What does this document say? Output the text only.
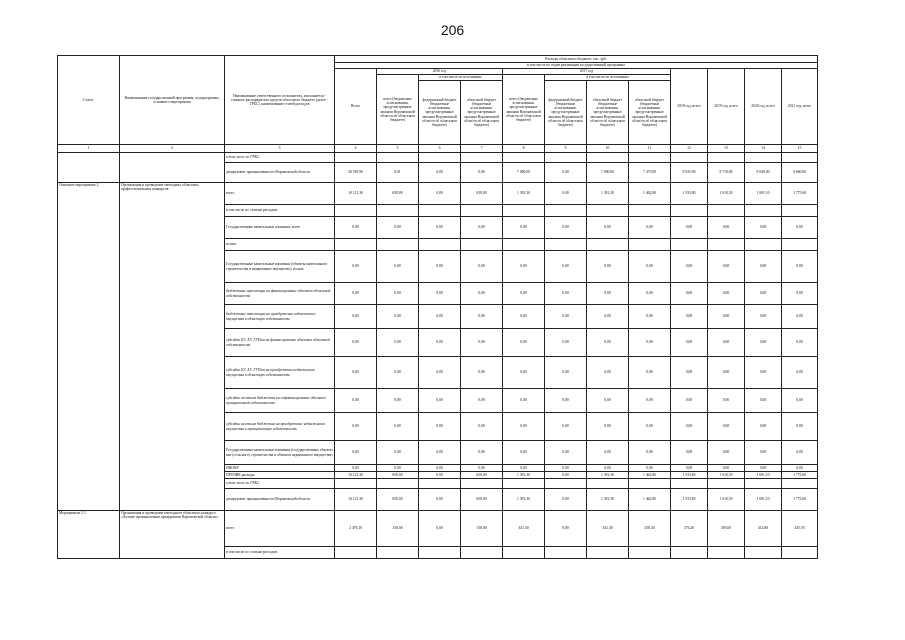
206
Статус	Наименование государственной программы, подпрограммы, основного мероприятия	Наименование ответственного исполнителя, исполнителя - главного распорядителя средств областного бюджета (далее - ГРБС), наименование статей расходов	Расходы областного бюджета, тыс. руб.												
			в том числе по годам реализации государственной программы												
			Всего	2016 год			2017 год				2018 год, всего	2019 год, всего	2020 год, всего	2021 год, всего	
				всего (бюджетные ассигнования, предусмотренные законом Воронежской области об областном бюджете)	в том числе по источникам		всего (бюджетные ассигнования, предусмотренные законом Воронежской области об областном бюджете)	в том числе по источникам							
					федеральный бюджет (бюджетные ассигнования, предусмотренные законом Воронежской области об областном бюджете)	областной бюджет (бюджетные ассигнования, предусмотренные законом Воронежской области об областном бюджете)		федеральный бюджет (бюджетные ассигнования, предусмотренные законом Воронежской области об областном бюджете)	областной бюджет (бюджетные ассигнования, предусмотренные законом Воронежской области об областном бюджете)	областной бюджет (бюджетные ассигнования, предусмотренные законом Воронежской области об областном бюджете)					
1	2	3	4	5	6	7	8	9	10	11	12	13	14	15	
		в том числе по ГРБС:													
		департамент промышленности Воронежской области	30 919,90	0,01	0,00	0,00	7 000,00	0,00	7 000,00	7 475,00	8 035,90	8 710,00	9 040,00	9 660,00	
Основное мероприятие 2	Организация и проведение ежегодных областных профессиональных конкурсов	всего	10 121,30	658,00	0,00	658,00	1 391,30	0,00	1 391,30	1 462,80	1 533,80	1 610,50	1 691,10	1 775,60	
		в том числе по статьям расходов:													
		Государственные капитальные вложения, всего	0,00	0,00	0,00	0,00	0,00	0,00	0,00	0,00	0,00	0,00	0,00	0,00	
		из них:													
		Государственные капитальные вложения (объекты капитального строительства и недвижимое имущество), из них:	0,00	0,00	0,00	0,00	0,00	0,00	0,00	0,00	0,00	0,00	0,00	0,00	
		бюджетные инвестиции на финансирование объектов областной собственности	0,00	0,00	0,00	0,00	0,00	0,00	0,00	0,00	0,00	0,00	0,00	0,00	
		бюджетные инвестиции на приобретение недвижимого имущества в областную собственность	0,00	0,00	0,00	0,00	0,00	0,00	0,00	0,00	0,00	0,00	0,00	0,00	
		субсидии БУ, АУ, ГУПам на финансирование объектов областной собственности	0,00	0,00	0,00	0,00	0,00	0,00	0,00	0,00	0,00	0,00	0,00	0,00	
		субсидии БУ, АУ, ГУПам на приобретение недвижимого имущества в областную собственность	0,00	0,00	0,00	0,00	0,00	0,00	0,00	0,00	0,00	0,00	0,00	0,00	
		субсидии местным бюджетам на софинансирование объектов муниципальной собственности	0,00	0,00	0,00	0,00	0,00	0,00	0,00	0,00	0,00	0,00	0,00	0,00	
		субсидии местным бюджетам на приобретение недвижимого имущества в муниципальную собственность	0,00	0,00	0,00	0,00	0,00	0,00	0,00	0,00	0,00	0,00	0,00	0,00	
		Государственные капитальные вложения (государственные объекты вне (сельского) строительства и объектов недвижимого имущества)	0,00	0,00	0,00	0,00	0,00	0,00	0,00	0,00	0,00	0,00	0,00	0,00	
		НИОКР	0,00	0,00	0,00	0,00	0,00	0,00	0,00	0,00	0,00	0,00	0,00	0,00	
		ПРОЧИЕ расходы	10 121,30	658,00	0,00	658,00	1 391,30	0,00	1 391,30	1 462,80	1 533,80	1 610,50	1 691,10	1 775,60	
		в том числе по ГРБС:													
		департамент промышленности Воронежской области	10 121,30	658,00	0,00	658,00	1 391,30	0,00	1 391,30	1 462,80	1 533,80	1 610,50	1 691,10	1 775,60	
Мероприятие 2.1	Организация и проведение ежегодного областного конкурса «Лучшее промышленное предприятие Воронежской области»	всего	2 479,10	158,00	0,00	158,00	341,30	0,00	341,30	358,30	376,20	395,00	414,80	435,50	
		в том числе по статьям расходов:													
